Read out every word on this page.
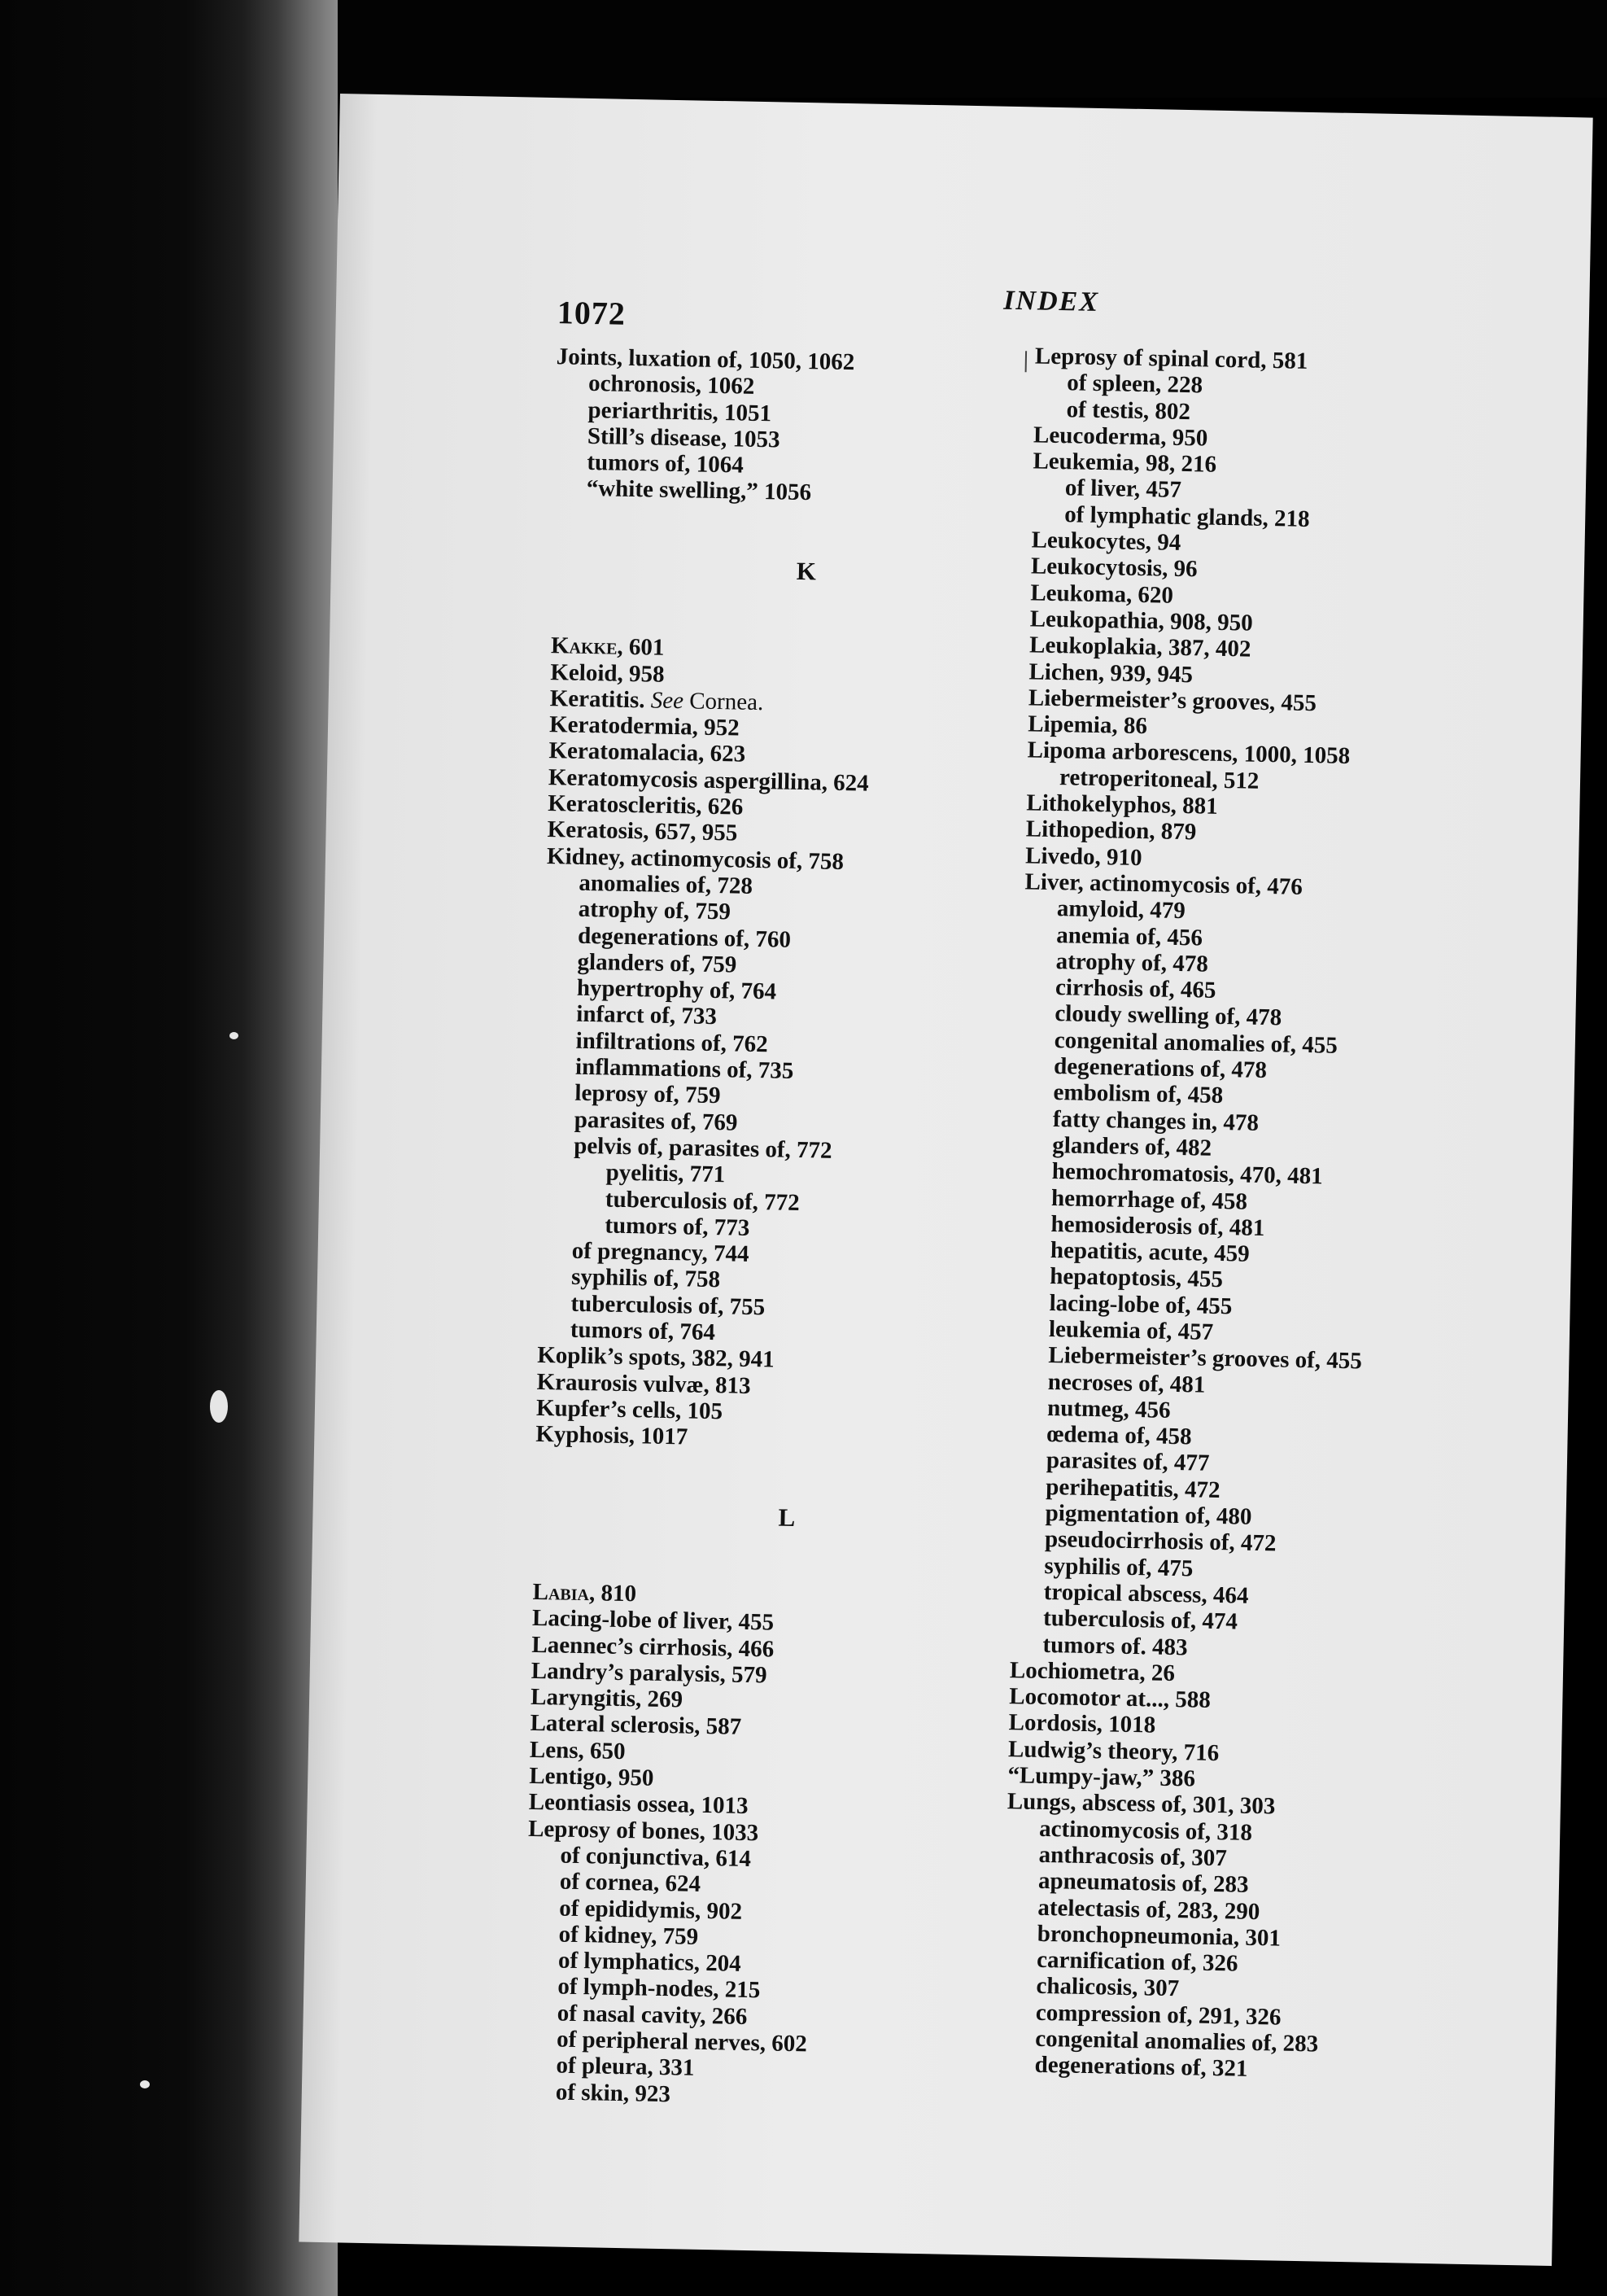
1072	INDEX
Joints, luxation of, 1050, 1062
ochronosis, 1062
periarthritis, 1051
Still’s disease, 1053
tumors of, 1064
“white swelling,” 1056
K
Kakke, 601
Keloid, 958
Keratitis. See Cornea.
Keratodermia, 952
Keratomalacia, 623
Keratomycosis aspergillina, 624
Keratoscleritis, 626
Keratosis, 657, 955
Kidney, actinomycosis of, 758
anomalies of, 728
atrophy of, 759
degenerations of, 760
glanders of, 759
hypertrophy of, 764
infarct of, 733
infiltrations of, 762
inflammations of, 735
leprosy of, 759
parasites of, 769
pelvis of, parasites of, 772
pyelitis, 771
tuberculosis of, 772
tumors of, 773
of pregnancy, 744
syphilis of, 758
tuberculosis of, 755
tumors of, 764
Koplik’s spots, 382, 941
Kraurosis vulvæ, 813
Kupfer’s cells, 105
Kyphosis, 1017
L
Labia, 810
Lacing-lobe of liver, 455
Laennec’s cirrhosis, 466
Landry’s paralysis, 579
Laryngitis, 269
Lateral sclerosis, 587
Lens, 650
Lentigo, 950
Leontiasis ossea, 1013
Leprosy of bones, 1033
of conjunctiva, 614
of cornea, 624
of epididymis, 902
of kidney, 759
of lymphatics, 204
of lymph-nodes, 215
of nasal cavity, 266
of peripheral nerves, 602
of pleura, 331
of skin, 923
Leprosy of spinal cord, 581
of spleen, 228
of testis, 802
Leucoderma, 950
Leukemia, 98, 216
of liver, 457
of lymphatic glands, 218
Leukocytes, 94
Leukocytosis, 96
Leukoma, 620
Leukopathia, 908, 950
Leukoplakia, 387, 402
Lichen, 939, 945
Liebermeister’s grooves, 455
Lipemia, 86
Lipoma arborescens, 1000, 1058
retroperitoneal, 512
Lithokelyphos, 881
Lithopedion, 879
Livedo, 910
Liver, actinomycosis of, 476
amyloid, 479
anemia of, 456
atrophy of, 478
cirrhosis of, 465
cloudy swelling of, 478
congenital anomalies of, 455
degenerations of, 478
embolism of, 458
fatty changes in, 478
glanders of, 482
hemochromatosis, 470, 481
hemorrhage of, 458
hemosiderosis of, 481
hepatitis, acute, 459
hepatoptosis, 455
lacing-lobe of, 455
leukemia of, 457
Liebermeister’s grooves of, 455
necroses of, 481
nutmeg, 456
œdema of, 458
parasites of, 477
perihepatitis, 472
pigmentation of, 480
pseudocirrhosis of, 472
syphilis of, 475
tropical abscess, 464
tuberculosis of, 474
tumors of. 483
Lochiometra, 26
Locomotor at..., 588
Lordosis, 1018
Ludwig’s theory, 716
“Lumpy-jaw,” 386
Lungs, abscess of, 301, 303
actinomycosis of, 318
anthracosis of, 307
apneumatosis of, 283
atelectasis of, 283, 290
bronchopneumonia, 301
carnification of, 326
chalicosis, 307
compression of, 291, 326
congenital anomalies of, 283
degenerations of, 321
